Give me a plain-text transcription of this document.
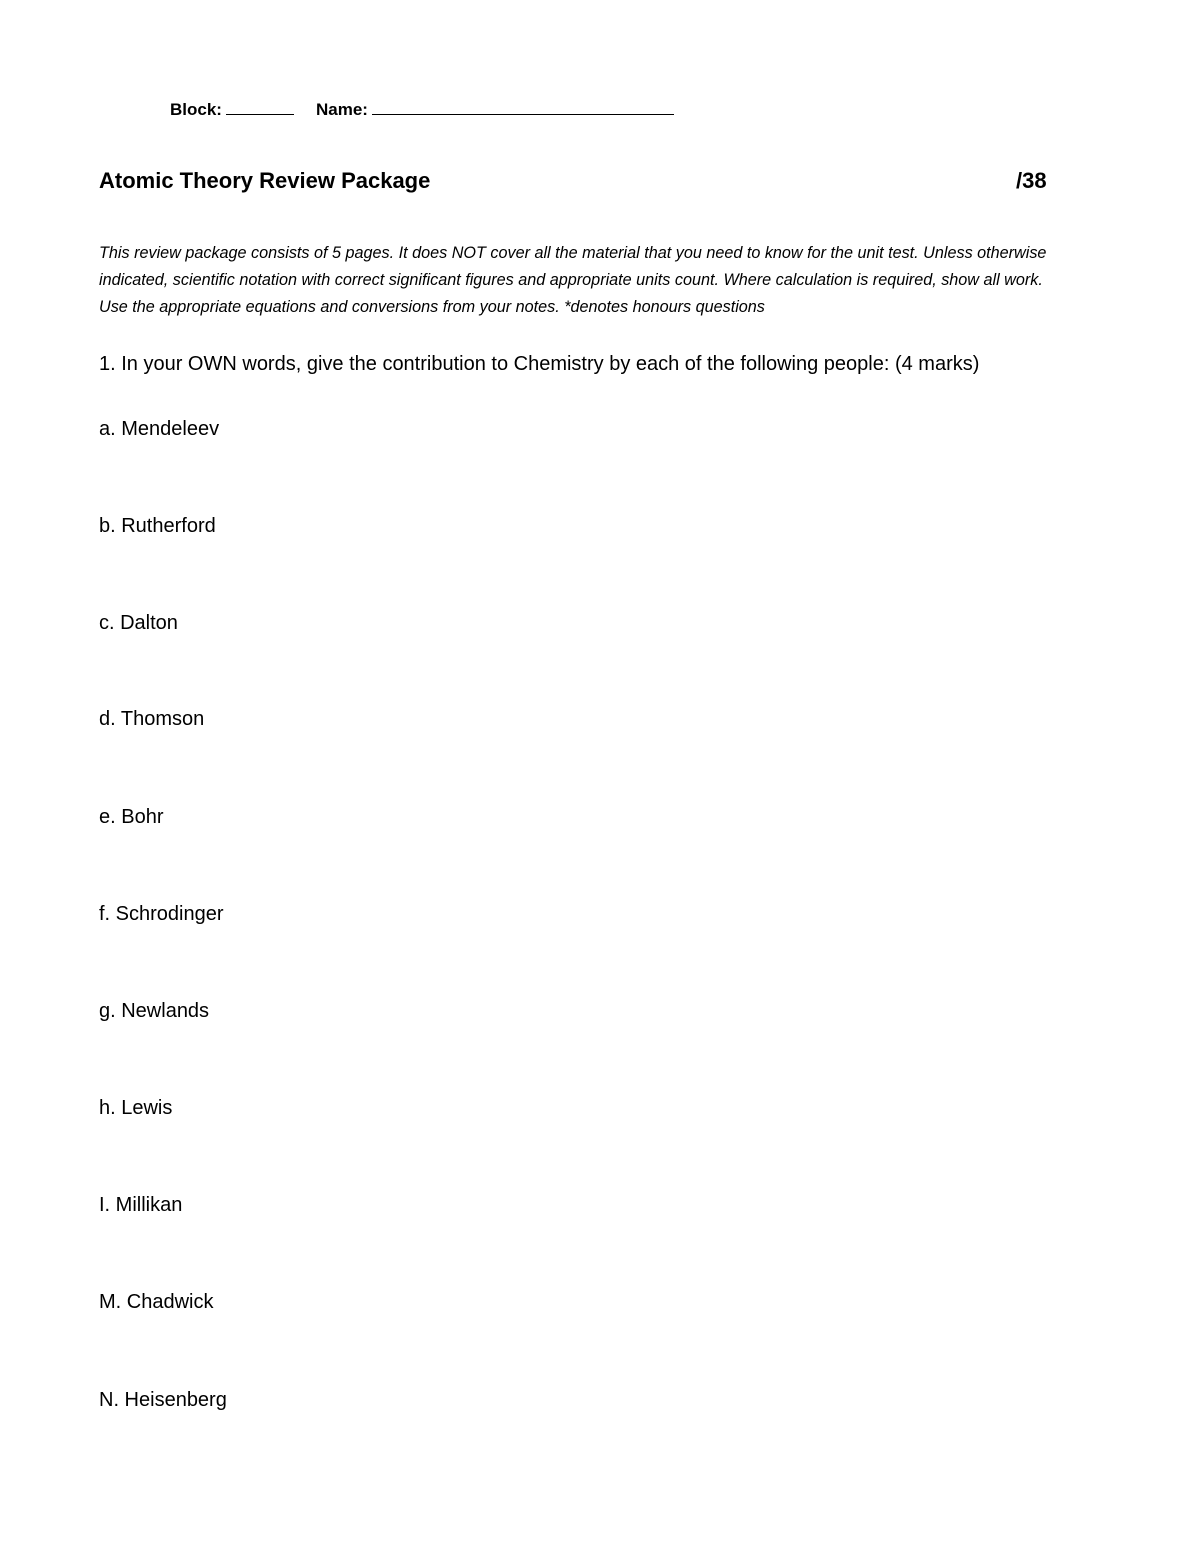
Block:	Name:
Atomic Theory Review Package	/38
This review package consists of 5 pages. It does NOT cover all the material that you need to know for the unit test. Unless otherwise indicated, scientific notation with correct significant figures and appropriate units count. Where calculation is required, show all work. Use the appropriate equations and conversions from your notes. *denotes honours questions
1. In your OWN words, give the contribution to Chemistry by each of the following people: (4 marks)
a. Mendeleev
b. Rutherford
c. Dalton
d. Thomson
e. Bohr
f. Schrodinger
g. Newlands
h. Lewis
I. Millikan
M. Chadwick
N. Heisenberg
